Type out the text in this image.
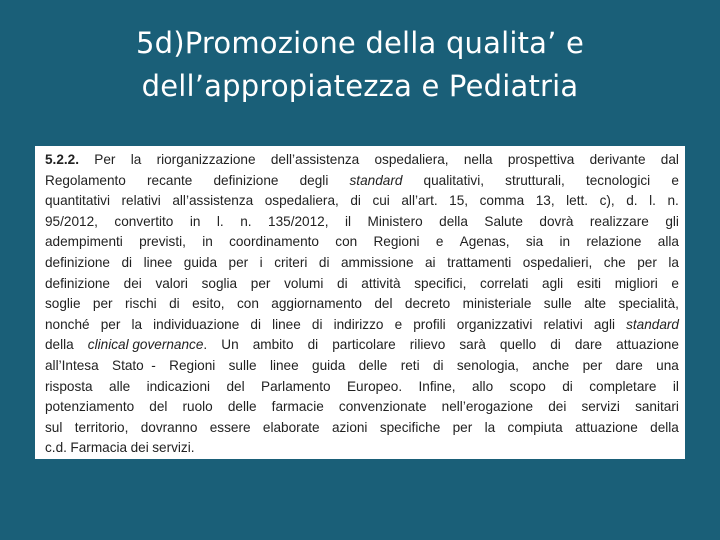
5d)Promozione della qualita’ e
dell’appropiatezza e Pediatria
5.2.2. Per la riorganizzazione dell’assistenza ospedaliera, nella prospettiva derivante dal
Regolamento recante definizione degli standard qualitativi, strutturali, tecnologici e
quantitativi relativi all’assistenza ospedaliera, di cui all’art. 15, comma 13, lett. c), d. l. n.
95/2012, convertito in l. n. 135/2012, il Ministero della Salute dovrà realizzare gli
adempimenti previsti, in coordinamento con Regioni e Agenas, sia in relazione alla
definizione di linee guida per i criteri di ammissione ai trattamenti ospedalieri, che per la
definizione dei valori soglia per volumi di attività specifici, correlati agli esiti migliori e
soglie per rischi di esito, con aggiornamento del decreto ministeriale sulle alte specialità,
nonché per la individuazione di linee di indirizzo e profili organizzativi relativi agli standard
della clinical governance. Un ambito di particolare rilievo sarà quello di dare attuazione
all’Intesa Stato  - Regioni sulle linee guida delle reti di senologia, anche per dare una
risposta alle indicazioni del Parlamento Europeo. Infine, allo scopo di completare il
potenziamento del ruolo delle farmacie convenzionate nell’erogazione dei servizi sanitari
sul territorio, dovranno essere elaborate azioni specifiche per la compiuta attuazione della
c.d. Farmacia dei servizi.
